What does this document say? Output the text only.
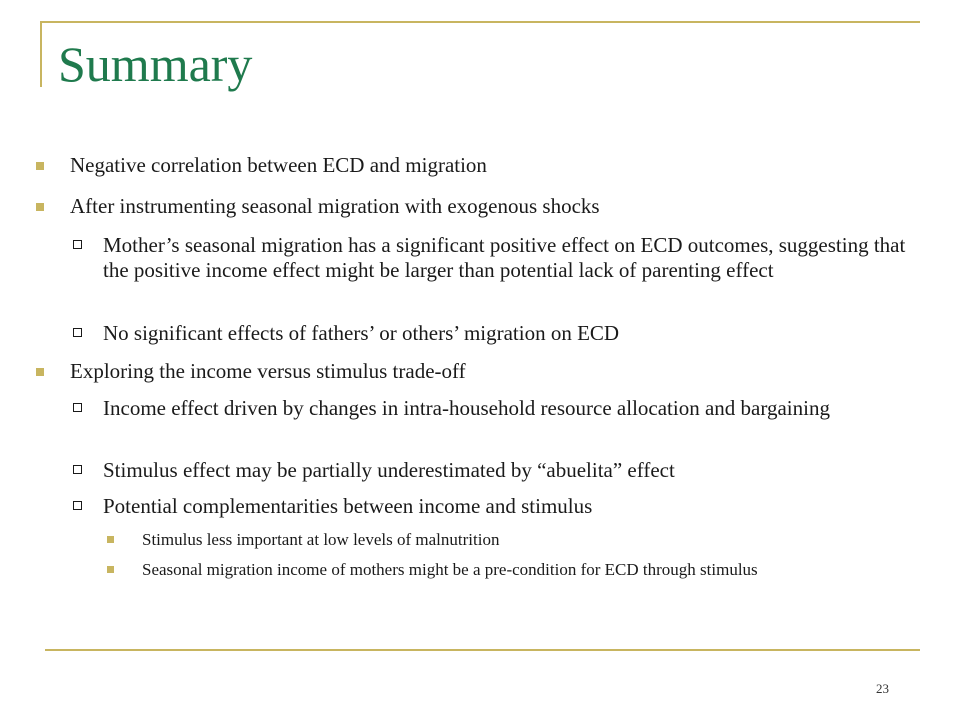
Summary
Negative correlation between ECD and migration
After instrumenting seasonal migration with exogenous shocks
Mother’s seasonal migration has a significant positive effect on ECD outcomes, suggesting that the positive income effect might be larger than potential lack of parenting effect
No significant effects of fathers’ or others’ migration on ECD
Exploring the income versus stimulus trade-off
Income effect driven by changes in intra-household resource allocation and bargaining
Stimulus effect may be partially underestimated by “abuelita” effect
Potential complementarities between income and stimulus
Stimulus less important at low levels of malnutrition
Seasonal migration income of mothers might be a pre-condition for ECD through stimulus
23
